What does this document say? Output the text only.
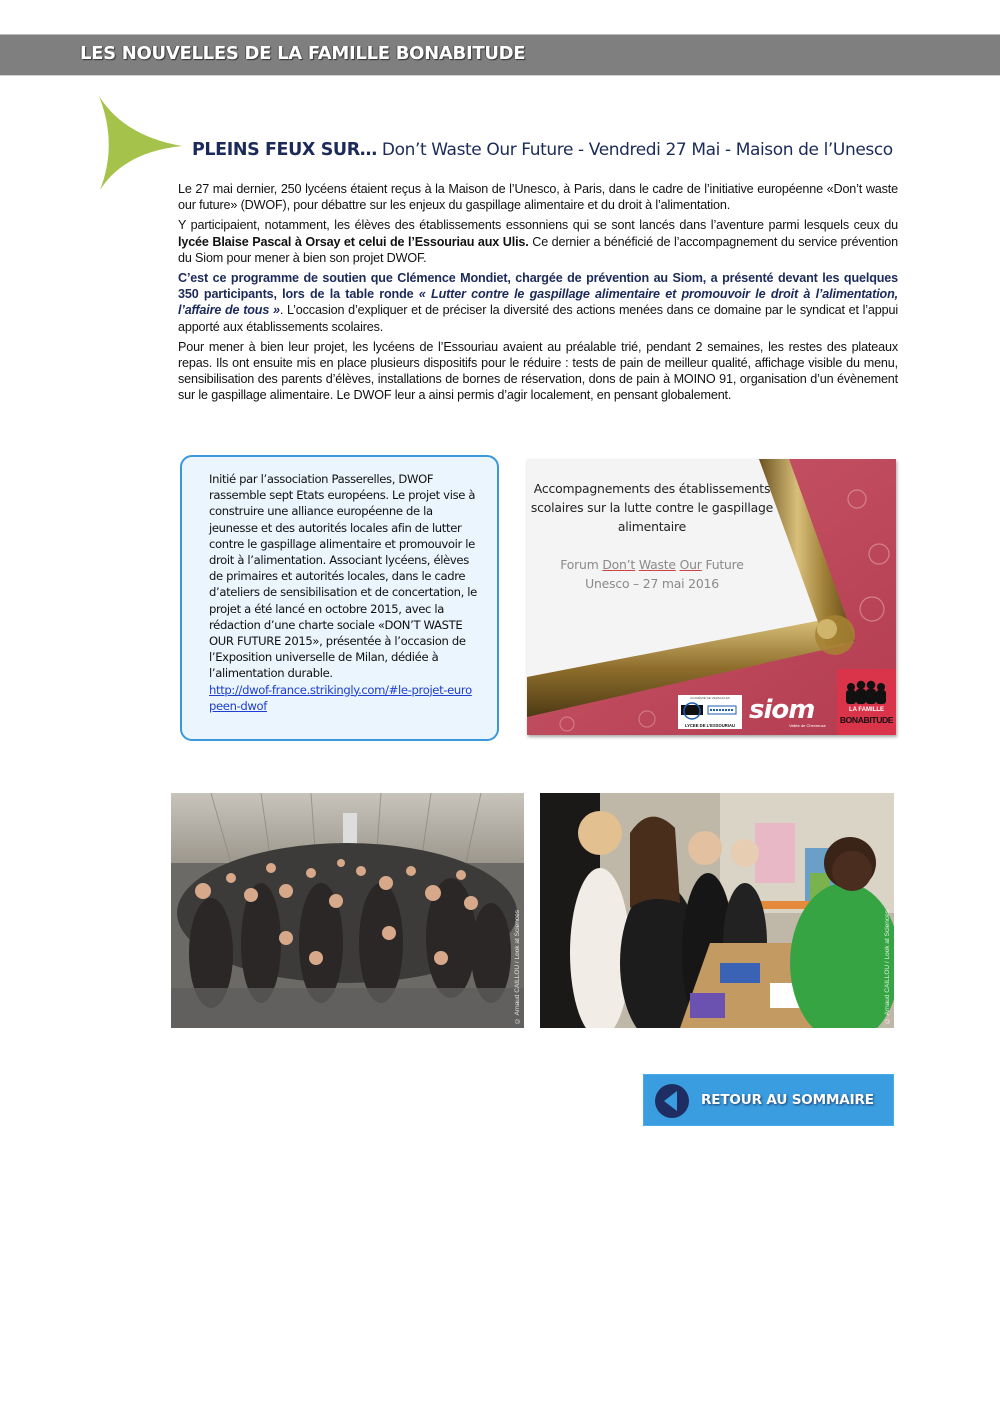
LES NOUVELLES DE LA FAMILLE BONABITUDE
PLEINS FEUX SUR… Don’t Waste Our Future - Vendredi 27 Mai - Maison de l’Unesco

Le 27 mai dernier, 250 lycéens étaient reçus à la Maison de l’Unesco, à Paris, dans le cadre de l’initiative européenne «Don’t waste our future» (DWOF), pour débattre sur les enjeux du gaspillage alimentaire et du droit à l’alimentation.

Y participaient, notamment, les élèves des établissements essonniens qui se sont lancés dans l’aventure parmi lesquels ceux du lycée Blaise Pascal à Orsay et celui de l’Essouriau aux Ulis. Ce dernier a bénéficié de l’accompagnement du service prévention du Siom pour mener à bien son projet DWOF.

C’est ce programme de soutien que Clémence Mondiet, chargée de prévention au Siom, a présenté devant les quelques 350 participants, lors de la table ronde « Lutter contre le gaspillage alimentaire et promouvoir le droit à l’alimentation, l’affaire de tous ». L’occasion d’expliquer et de préciser la diversité des actions menées dans ce domaine par le syndicat et l’appui apporté aux établissements scolaires.

Pour mener à bien leur projet, les lycéens de l’Essouriau avaient au préalable trié, pendant 2 semaines, les restes des plateaux repas. Ils ont ensuite mis en place plusieurs dispositifs pour le réduire : tests de pain de meilleur qualité, affichage visible du menu, sensibilisation des parents d’élèves, installations de bornes de réservation, dons de pain à MOINO 91, organisation d’un évènement sur le gaspillage alimentaire. Le DWOF leur a ainsi permis d’agir localement, en pensant globalement.

Initié par l’association Passerelles, DWOF rassemble sept Etats européens. Le projet vise à construire une alliance européenne de la jeunesse et des autorités locales afin de lutter contre le gaspillage alimentaire et promouvoir le droit à l’alimentation. Associant lycéens, élèves de primaires et autorités locales, dans le cadre d’ateliers de sensibilisation et de concertation, le projet a été lancé en octobre 2015, avec la rédaction d’une charte sociale «DON’T WASTE OUR FUTURE 2015», présentée à l’occasion de l’Exposition universelle de Milan, dédiée à l’alimentation durable.
http://dwof-france.strikingly.com/#le-projet-europeen-dwof
Accompagnements des établissements scolaires sur la lutte contre le gaspillage alimentaire
Forum Don’t Waste Our Future
Unesco – 27 mai 2016
ACADÉMIE DE VERSAILLES
LYCEE DE L’ESSOURIAU
siom
Vallée de Chevreuse
LA FAMILLE
BONABITUDE
© Arnaud CAILLOU / Look at Sciences	© Arnaud CAILLOU / Look at Sciences
RETOUR AU SOMMAIRE
